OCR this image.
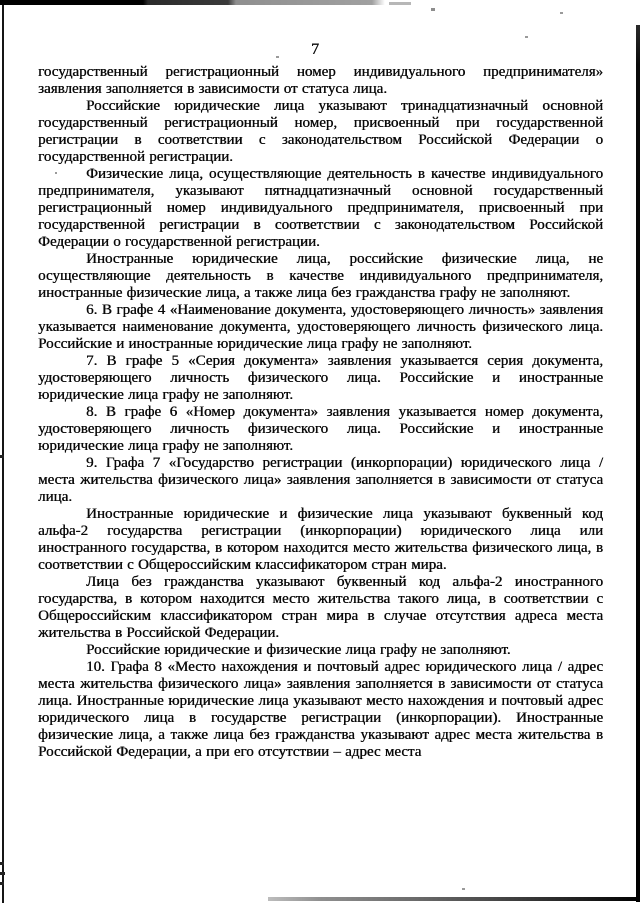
7

государственный регистрационный номер индивидуального предпринимателя» заявления заполняется в зависимости от статуса лица.

Российские юридические лица указывают тринадцатизначный основной государственный регистрационный номер, присвоенный при государственной регистрации в соответствии с законодательством Российской Федерации о государственной регистрации.

Физические лица, осуществляющие деятельность в качестве индивидуального предпринимателя, указывают пятнадцатизначный основной государственный регистрационный номер индивидуального предпринимателя, присвоенный при государственной регистрации в соответствии с законодательством Российской Федерации о государственной регистрации.

Иностранные юридические лица, российские физические лица, не осуществляющие деятельность в качестве индивидуального предпринимателя, иностранные физические лица, а также лица без гражданства графу не заполняют.

6. В графе 4 «Наименование документа, удостоверяющего личность» заявления указывается наименование документа, удостоверяющего личность физического лица. Российские и иностранные юридические лица графу не заполняют.

7. В графе 5 «Серия документа» заявления указывается серия документа, удостоверяющего личность физического лица. Российские и иностранные юридические лица графу не заполняют.

8. В графе 6 «Номер документа» заявления указывается номер документа, удостоверяющего личность физического лица. Российские и иностранные юридические лица графу не заполняют.

9. Графа 7 «Государство регистрации (инкорпорации) юридического лица / места жительства физического лица» заявления заполняется в зависимости от статуса лица.

Иностранные юридические и физические лица указывают буквенный код альфа-2 государства регистрации (инкорпорации) юридического лица или иностранного государства, в котором находится место жительства физического лица, в соответствии с Общероссийским классификатором стран мира.

Лица без гражданства указывают буквенный код альфа-2 иностранного государства, в котором находится место жительства такого лица, в соответствии с Общероссийским классификатором стран мира в случае отсутствия адреса места жительства в Российской Федерации.

Российские юридические и физические лица графу не заполняют.

10. Графа 8 «Место нахождения и почтовый адрес юридического лица / адрес места жительства физического лица» заявления заполняется в зависимости от статуса лица. Иностранные юридические лица указывают место нахождения и почтовый адрес юридического лица в государстве регистрации (инкорпорации). Иностранные физические лица, а также лица без гражданства указывают адрес места жительства в Российской Федерации, а при его отсутствии – адрес места
